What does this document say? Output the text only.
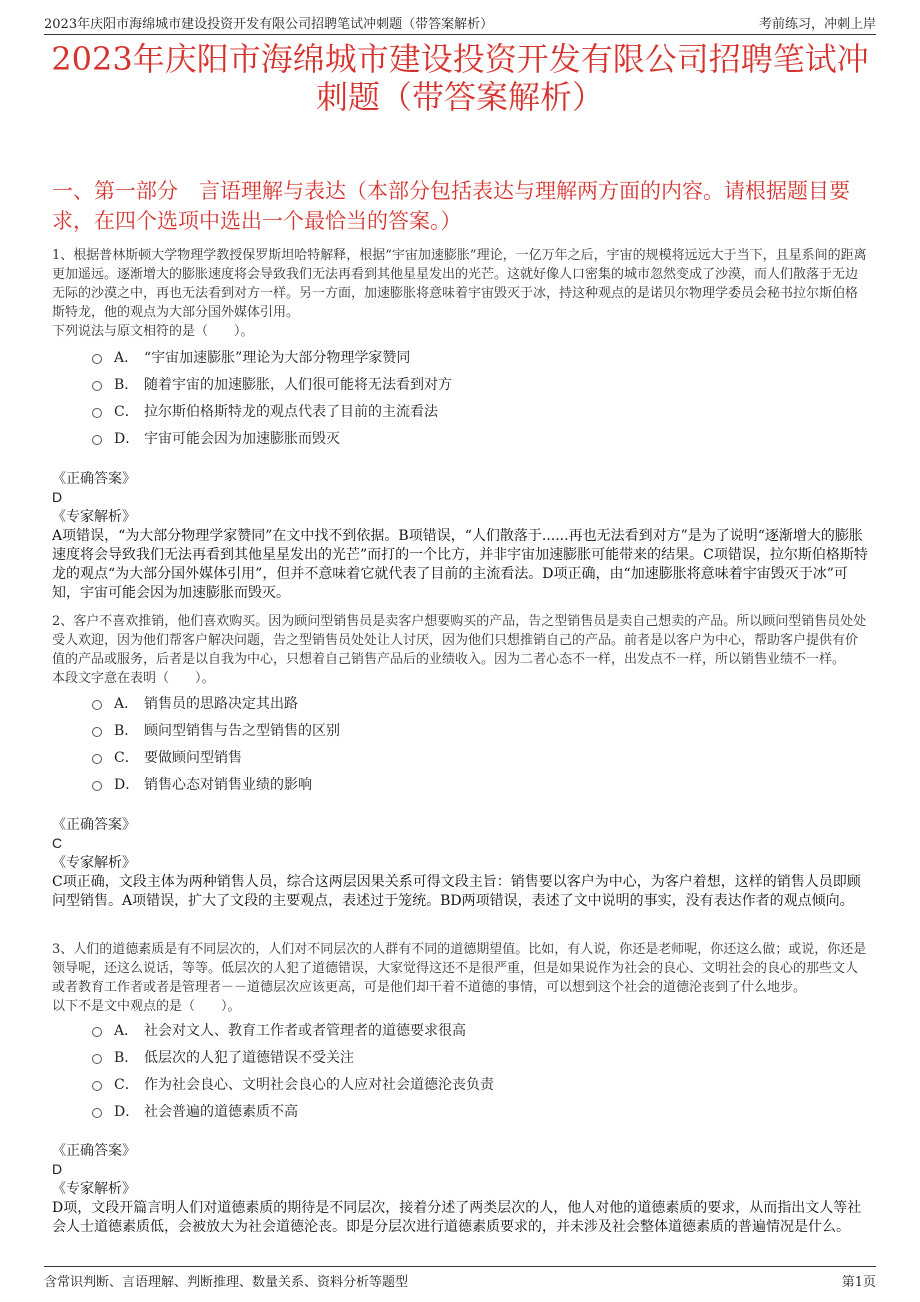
2023年庆阳市海绵城市建设投资开发有限公司招聘笔试冲刺题（带答案解析）	考前练习，冲刺上岸
2023年庆阳市海绵城市建设投资开发有限公司招聘笔试冲刺题（带答案解析）
一、第一部分　言语理解与表达（本部分包括表达与理解两方面的内容。请根据题目要求，在四个选项中选出一个最恰当的答案。）
1、根据普林斯顿大学物理学教授保罗斯坦哈特解释，根据“宇宙加速膨胀”理论，一亿万年之后，宇宙的规模将远远大于当下，且星系间的距离更加遥远。逐渐增大的膨胀速度将会导致我们无法再看到其他星星发出的光芒。这就好像人口密集的城市忽然变成了沙漠，而人们散落于无边无际的沙漠之中，再也无法看到对方一样。另一方面，加速膨胀将意味着宇宙毁灭于冰，持这种观点的是诺贝尔物理学委员会秘书拉尔斯伯格斯特龙，他的观点为大部分国外媒体引用。
下列说法与原文相符的是（　　）。
A． “宇宙加速膨胀”理论为大部分物理学家赞同
B． 随着宇宙的加速膨胀，人们很可能将无法看到对方
C． 拉尔斯伯格斯特龙的观点代表了目前的主流看法
D． 宇宙可能会因为加速膨胀而毁灭
《正确答案》
D
《专家解析》
A项错误，“为大部分物理学家赞同”在文中找不到依据。B项错误，“人们散落于......再也无法看到对方”是为了说明“逐渐增大的膨胀速度将会导致我们无法再看到其他星星发出的光芒”而打的一个比方，并非宇宙加速膨胀可能带来的结果。C项错误，拉尔斯伯格斯特龙的观点“为大部分国外媒体引用”，但并不意味着它就代表了目前的主流看法。D项正确，由“加速膨胀将意味着宇宙毁灭于冰”可知，宇宙可能会因为加速膨胀而毁灭。
2、客户不喜欢推销，他们喜欢购买。因为顾问型销售员是卖客户想要购买的产品，告之型销售员是卖自己想卖的产品。所以顾问型销售员处处受人欢迎，因为他们帮客户解决问题，告之型销售员处处让人讨厌，因为他们只想推销自己的产品。前者是以客户为中心，帮助客户提供有价值的产品或服务，后者是以自我为中心，只想着自己销售产品后的业绩收入。因为二者心态不一样，出发点不一样，所以销售业绩不一样。
本段文字意在表明（　　）。
A． 销售员的思路决定其出路
B． 顾问型销售与告之型销售的区别
C． 要做顾问型销售
D． 销售心态对销售业绩的影响
《正确答案》
C
《专家解析》
C项正确，文段主体为两种销售人员，综合这两层因果关系可得文段主旨：销售要以客户为中心，为客户着想，这样的销售人员即顾问型销售。A项错误，扩大了文段的主要观点，表述过于笼统。BD两项错误，表述了文中说明的事实，没有表达作者的观点倾向。
3、人们的道德素质是有不同层次的，人们对不同层次的人群有不同的道德期望值。比如，有人说，你还是老师呢，你还这么做；或说，你还是领导呢，还这么说话，等等。低层次的人犯了道德错误，大家觉得这还不是很严重，但是如果说作为社会的良心、文明社会的良心的那些文人或者教育工作者或者是管理者－－道德层次应该更高，可是他们却干着不道德的事情，可以想到这个社会的道德沦丧到了什么地步。
以下不是文中观点的是（　　）。
A． 社会对文人、教育工作者或者管理者的道德要求很高
B． 低层次的人犯了道德错误不受关注
C． 作为社会良心、文明社会良心的人应对社会道德沦丧负责
D． 社会普遍的道德素质不高
《正确答案》
D
《专家解析》
D项，文段开篇言明人们对道德素质的期待是不同层次，接着分述了两类层次的人，他人对他的道德素质的要求，从而指出文人等社会人士道德素质低，会被放大为社会道德沦丧。即是分层次进行道德素质要求的，并未涉及社会整体道德素质的普遍情况是什么。
含常识判断、言语理解、判断推理、数量关系、资料分析等题型	第1页
